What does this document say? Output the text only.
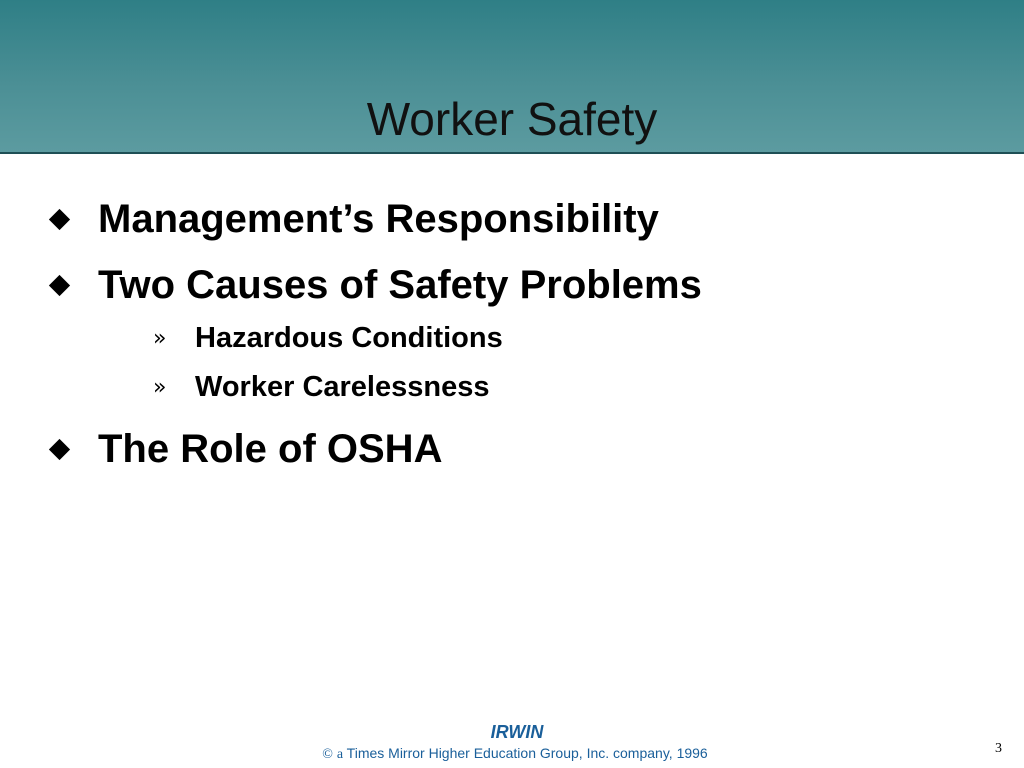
Worker Safety
Management’s Responsibility
Two Causes of Safety Problems
» Hazardous Conditions
» Worker Carelessness
The Role of OSHA
IRWIN
© a Times Mirror Higher Education Group, Inc. company, 1996	3
